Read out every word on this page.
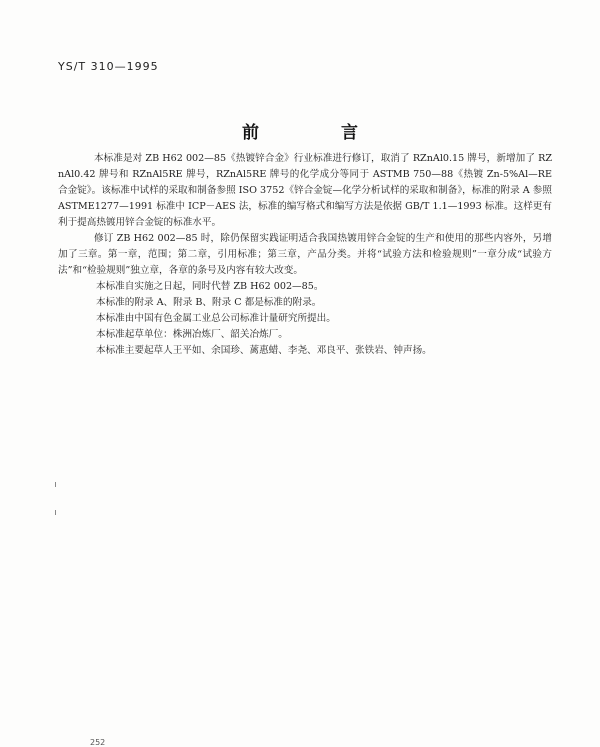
YS/T 310—1995
前 言

本标准是对 ZB H62 002—85《热镀锌合金》行业标准进行修订，取消了 RZnAl0.15 牌号，新增加了 RZnAl0.42 牌号和 RZnAl5RE 牌号，RZnAl5RE 牌号的化学成分等同于 ASTMB 750—88《热镀 Zn-5%Al—RE 合金锭》。该标准中试样的采取和制备参照 ISO 3752《锌合金锭—化学分析试样的采取和制备》，标准的附录 A 参照 ASTME1277—1991 标准中 ICP－AES 法，标准的编写格式和编写方法是依据 GB/T 1.1—1993 标准。这样更有利于提高热镀用锌合金锭的标准水平。

修订 ZB H62 002—85 时，除仍保留实践证明适合我国热镀用锌合金锭的生产和使用的那些内容外，另增加了三章。第一章，范围；第二章，引用标准；第三章，产品分类。并将“试验方法和检验规则”一章分成“试验方法”和“检验规则”独立章，各章的条号及内容有较大改变。

本标准自实施之日起，同时代替 ZB H62 002—85。

本标准的附录 A、附录 B、附录 C 都是标准的附录。

本标准由中国有色金属工业总公司标准计量研究所提出。

本标准起草单位：株洲冶炼厂、韶关冶炼厂。

本标准主要起草人王平如、余国珍、蓠惠蜡、李尧、邓良平、张铁岩、钟声扬。

252
